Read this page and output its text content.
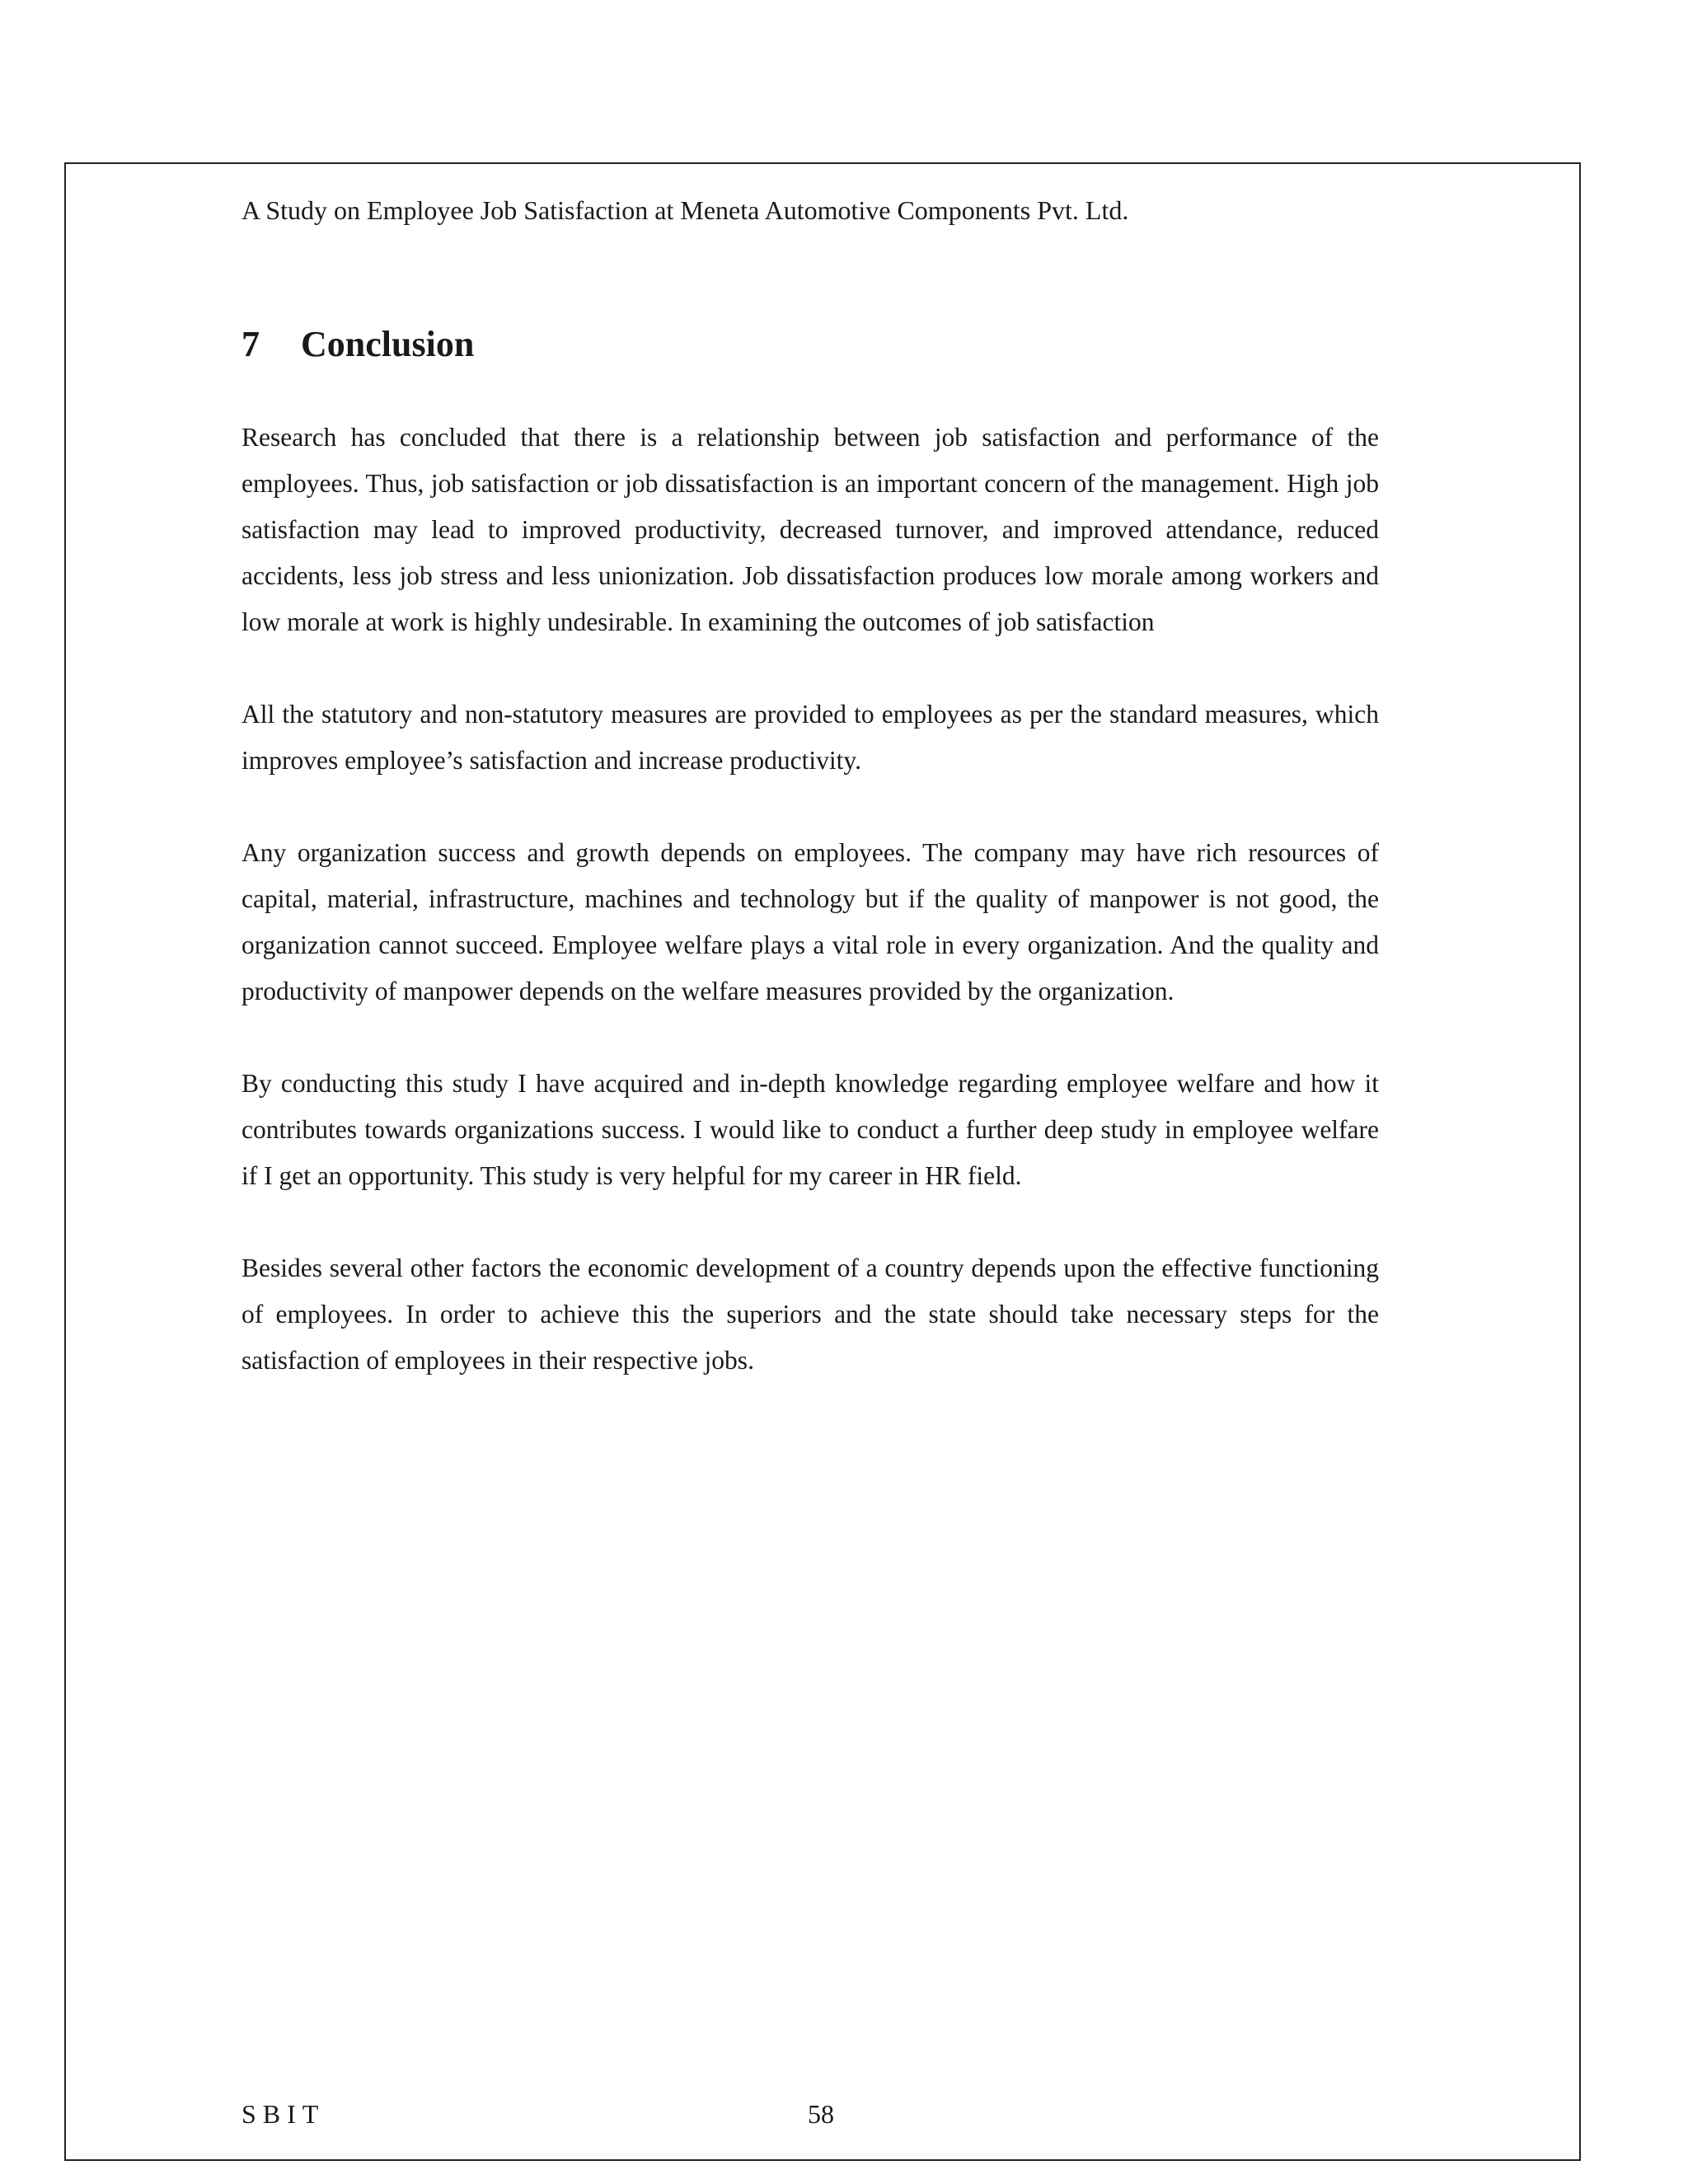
A Study on Employee Job Satisfaction at Meneta Automotive Components Pvt. Ltd.
7 Conclusion

Research has concluded that there is a relationship between job satisfaction and performance of the employees. Thus, job satisfaction or job dissatisfaction is an important concern of the management. High job satisfaction may lead to improved productivity, decreased turnover, and improved attendance, reduced accidents, less job stress and less unionization. Job dissatisfaction produces low morale among workers and low morale at work is highly undesirable. In examining the outcomes of job satisfaction

All the statutory and non-statutory measures are provided to employees as per the standard measures, which improves employee’s satisfaction and increase productivity.

Any organization success and growth depends on employees. The company may have rich resources of capital, material, infrastructure, machines and technology but if the quality of manpower is not good, the organization cannot succeed. Employee welfare plays a vital role in every organization. And the quality and productivity of manpower depends on the welfare measures provided by the organization.

By conducting this study I have acquired and in-depth knowledge regarding employee welfare and how it contributes towards organizations success. I would like to conduct a further deep study in employee welfare if I get an opportunity. This study is very helpful for my career in HR field.

Besides several other factors the economic development of a country depends upon the effective functioning of employees. In order to achieve this the superiors and the state should take necessary steps for the satisfaction of employees in their respective jobs.

SBIT	58
